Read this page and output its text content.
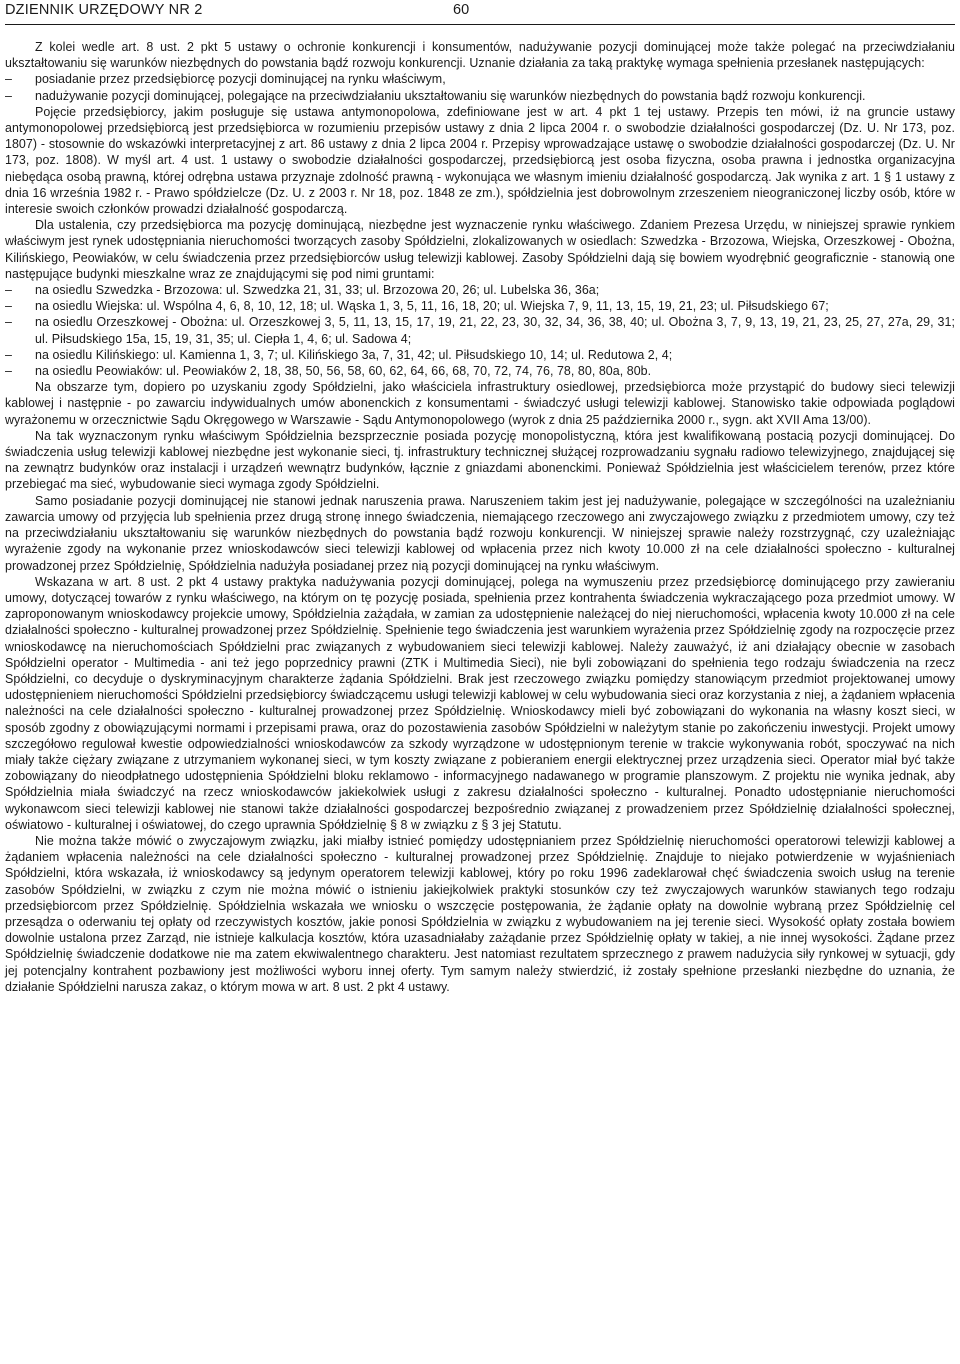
DZIENNIK URZĘDOWY NR 2	60

Z kolei wedle art. 8 ust. 2 pkt 5 ustawy o ochronie konkurencji i konsumentów, nadużywanie pozycji dominującej może także polegać na przeciwdziałaniu ukształtowaniu się warunków niezbędnych do powstania bądź rozwoju konkurencji. Uznanie działania za taką praktykę wymaga spełnienia przesłanek następujących:

– posiadanie przez przedsiębiorcę pozycji dominującej na rynku właściwym,
– nadużywanie pozycji dominującej, polegające na przeciwdziałaniu ukształtowaniu się warunków niezbędnych do powstania bądź rozwoju konkurencji.

Pojęcie przedsiębiorcy, jakim posługuje się ustawa antymonopolowa, zdefiniowane jest w art. 4 pkt 1 tej ustawy. Przepis ten mówi, iż na gruncie ustawy antymonopolowej przedsiębiorcą jest przedsiębiorca w rozumieniu przepisów ustawy z dnia 2 lipca 2004 r. o swobodzie działalności gospodarczej (Dz. U. Nr 173, poz. 1807) - stosownie do wskazówki interpretacyjnej z art. 86 ustawy z dnia 2 lipca 2004 r. Przepisy wprowadzające ustawę o swobodzie działalności gospodarczej (Dz. U. Nr 173, poz. 1808). W myśl art. 4 ust. 1 ustawy o swobodzie działalności gospodarczej, przedsiębiorcą jest osoba fizyczna, osoba prawna i jednostka organizacyjna niebędąca osobą prawną, której odrębna ustawa przyznaje zdolność prawną - wykonująca we własnym imieniu działalność gospodarczą. Jak wynika z art. 1 § 1 ustawy z dnia 16 września 1982 r. - Prawo spółdzielcze (Dz. U. z 2003 r. Nr 18, poz. 1848 ze zm.), spółdzielnia jest dobrowolnym zrzeszeniem nieograniczonej liczby osób, które w interesie swoich członków prowadzi działalność gospodarczą.

Dla ustalenia, czy przedsiębiorca ma pozycję dominującą, niezbędne jest wyznaczenie rynku właściwego. Zdaniem Prezesa Urzędu, w niniejszej sprawie rynkiem właściwym jest rynek udostępniania nieruchomości tworzących zasoby Spółdzielni, zlokalizowanych w osiedlach: Szwedzka - Brzozowa, Wiejska, Orzeszkowej - Obożna, Kilińskiego, Peowiaków, w celu świadczenia przez przedsiębiorców usług telewizji kablowej. Zasoby Spółdzielni dają się bowiem wyodrębnić geograficznie - stanowią one następujące budynki mieszkalne wraz ze znajdującymi się pod nimi gruntami:

– na osiedlu Szwedzka - Brzozowa: ul. Szwedzka 21, 31, 33; ul. Brzozowa 20, 26; ul. Lubelska 36, 36a;
– na osiedlu Wiejska: ul. Wspólna 4, 6, 8, 10, 12, 18; ul. Wąska 1, 3, 5, 11, 16, 18, 20; ul. Wiejska 7, 9, 11, 13, 15, 19, 21, 23; ul. Piłsudskiego 67;
– na osiedlu Orzeszkowej - Obożna: ul. Orzeszkowej 3, 5, 11, 13, 15, 17, 19, 21, 22, 23, 30, 32, 34, 36, 38, 40; ul. Obożna 3, 7, 9, 13, 19, 21, 23, 25, 27, 27a, 29, 31; ul. Piłsudskiego 15a, 15, 19, 31, 35; ul. Ciepła 1, 4, 6; ul. Sadowa 4;
– na osiedlu Kilińskiego: ul. Kamienna 1, 3, 7; ul. Kilińskiego 3a, 7, 31, 42; ul. Piłsudskiego 10, 14; ul. Redutowa 2, 4;
– na osiedlu Peowiaków: ul. Peowiaków 2, 18, 38, 50, 56, 58, 60, 62, 64, 66, 68, 70, 72, 74, 76, 78, 80, 80a, 80b.

Na obszarze tym, dopiero po uzyskaniu zgody Spółdzielni, jako właściciela infrastruktury osiedlowej, przedsiębiorca może przystąpić do budowy sieci telewizji kablowej i następnie - po zawarciu indywidualnych umów abonenckich z konsumentami - świadczyć usługi telewizji kablowej. Stanowisko takie odpowiada poglądowi wyrażonemu w orzecznictwie Sądu Okręgowego w Warszawie - Sądu Antymonopolowego (wyrok z dnia 25 października 2000 r., sygn. akt XVII Ama 13/00).

Na tak wyznaczonym rynku właściwym Spółdzielnia bezsprzecznie posiada pozycję monopolistyczną, która jest kwalifikowaną postacią pozycji dominującej. Do świadczenia usług telewizji kablowej niezbędne jest wykonanie sieci, tj. infrastruktury technicznej służącej rozprowadzaniu sygnału radiowo telewizyjnego, znajdującej się na zewnątrz budynków oraz instalacji i urządzeń wewnątrz budynków, łącznie z gniazdami abonenckimi. Ponieważ Spółdzielnia jest właścicielem terenów, przez które przebiegać ma sieć, wybudowanie sieci wymaga zgody Spółdzielni.

Samo posiadanie pozycji dominującej nie stanowi jednak naruszenia prawa. Naruszeniem takim jest jej nadużywanie, polegające w szczególności na uzależnianiu zawarcia umowy od przyjęcia lub spełnienia przez drugą stronę innego świadczenia, niemającego rzeczowego ani zwyczajowego związku z przedmiotem umowy, czy też na przeciwdziałaniu ukształtowaniu się warunków niezbędnych do powstania bądź rozwoju konkurencji. W niniejszej sprawie należy rozstrzygnąć, czy uzależniając wyrażenie zgody na wykonanie przez wnioskodawców sieci telewizji kablowej od wpłacenia przez nich kwoty 10.000 zł na cele działalności społeczno - kulturalnej prowadzonej przez Spółdzielnię, Spółdzielnia nadużyła posiadanej przez nią pozycji dominującej na rynku właściwym.

Wskazana w art. 8 ust. 2 pkt 4 ustawy praktyka nadużywania pozycji dominującej, polega na wymuszeniu przez przedsiębiorcę dominującego przy zawieraniu umowy, dotyczącej towarów z rynku właściwego, na którym on tę pozycję posiada, spełnienia przez kontrahenta świadczenia wykraczającego poza przedmiot umowy. W zaproponowanym wnioskodawcy projekcie umowy, Spółdzielnia zażądała, w zamian za udostępnienie należącej do niej nieruchomości, wpłacenia kwoty 10.000 zł na cele działalności społeczno - kulturalnej prowadzonej przez Spółdzielnię. Spełnienie tego świadczenia jest warunkiem wyrażenia przez Spółdzielnię zgody na rozpoczęcie przez wnioskodawcę na nieruchomościach Spółdzielni prac związanych z wybudowaniem sieci telewizji kablowej. Należy zauważyć, iż ani działający obecnie w zasobach Spółdzielni operator - Multimedia - ani też jego poprzednicy prawni (ZTK i Multimedia Sieci), nie byli zobowiązani do spełnienia tego rodzaju świadczenia na rzecz Spółdzielni, co decyduje o dyskryminacyjnym charakterze żądania Spółdzielni. Brak jest rzeczowego związku pomiędzy stanowiącym przedmiot projektowanej umowy udostępnieniem nieruchomości Spółdzielni przedsiębiorcy świadczącemu usługi telewizji kablowej w celu wybudowania sieci oraz korzystania z niej, a żądaniem wpłacenia należności na cele działalności społeczno - kulturalnej prowadzonej przez Spółdzielnię. Wnioskodawcy mieli być zobowiązani do wykonania na własny koszt sieci, w sposób zgodny z obowiązującymi normami i przepisami prawa, oraz do pozostawienia zasobów Spółdzielni w należytym stanie po zakończeniu inwestycji. Projekt umowy szczegółowo regulował kwestie odpowiedzialności wnioskodawców za szkody wyrządzone w udostępnionym terenie w trakcie wykonywania robót, spoczywać na nich miały także ciężary związane z utrzymaniem wykonanej sieci, w tym koszty związane z pobieraniem energii elektrycznej przez urządzenia sieci. Operator miał być także zobowiązany do nieodpłatnego udostępnienia Spółdzielni bloku reklamowo - informacyjnego nadawanego w programie planszowym. Z projektu nie wynika jednak, aby Spółdzielnia miała świadczyć na rzecz wnioskodawców jakiekolwiek usługi z zakresu działalności społeczno - kulturalnej. Ponadto udostępnianie nieruchomości wykonawcom sieci telewizji kablowej nie stanowi także działalności gospodarczej bezpośrednio związanej z prowadzeniem przez Spółdzielnię działalności społecznej, oświatowo - kulturalnej i oświatowej, do czego uprawnia Spółdzielnię § 8 w związku z § 3 jej Statutu.

Nie można także mówić o zwyczajowym związku, jaki miałby istnieć pomiędzy udostępnianiem przez Spółdzielnię nieruchomości operatorowi telewizji kablowej a żądaniem wpłacenia należności na cele działalności społeczno - kulturalnej prowadzonej przez Spółdzielnię. Znajduje to niejako potwierdzenie w wyjaśnieniach Spółdzielni, która wskazała, iż wnioskodawcy są jedynym operatorem telewizji kablowej, który po roku 1996 zadeklarował chęć świadczenia swoich usług na terenie zasobów Spółdzielni, w związku z czym nie można mówić o istnieniu jakiejkolwiek praktyki stosunków czy też zwyczajowych warunków stawianych tego rodzaju przedsiębiorcom przez Spółdzielnię. Spółdzielnia wskazała we wniosku o wszczęcie postępowania, że żądanie opłaty na dowolnie wybraną przez Spółdzielnię cel przesądza o oderwaniu tej opłaty od rzeczywistych kosztów, jakie ponosi Spółdzielnia w związku z wybudowaniem na jej terenie sieci. Wysokość opłaty została bowiem dowolnie ustalona przez Zarząd, nie istnieje kalkulacja kosztów, która uzasadniałaby zażądanie przez Spółdzielnię opłaty w takiej, a nie innej wysokości. Żądane przez Spółdzielnię świadczenie dodatkowe nie ma zatem ekwiwalentnego charakteru. Jest natomiast rezultatem sprzecznego z prawem nadużycia siły rynkowej w sytuacji, gdy jej potencjalny kontrahent pozbawiony jest możliwości wyboru innej oferty. Tym samym należy stwierdzić, iż zostały spełnione przesłanki niezbędne do uznania, że działanie Spółdzielni narusza zakaz, o którym mowa w art. 8 ust. 2 pkt 4 ustawy.
